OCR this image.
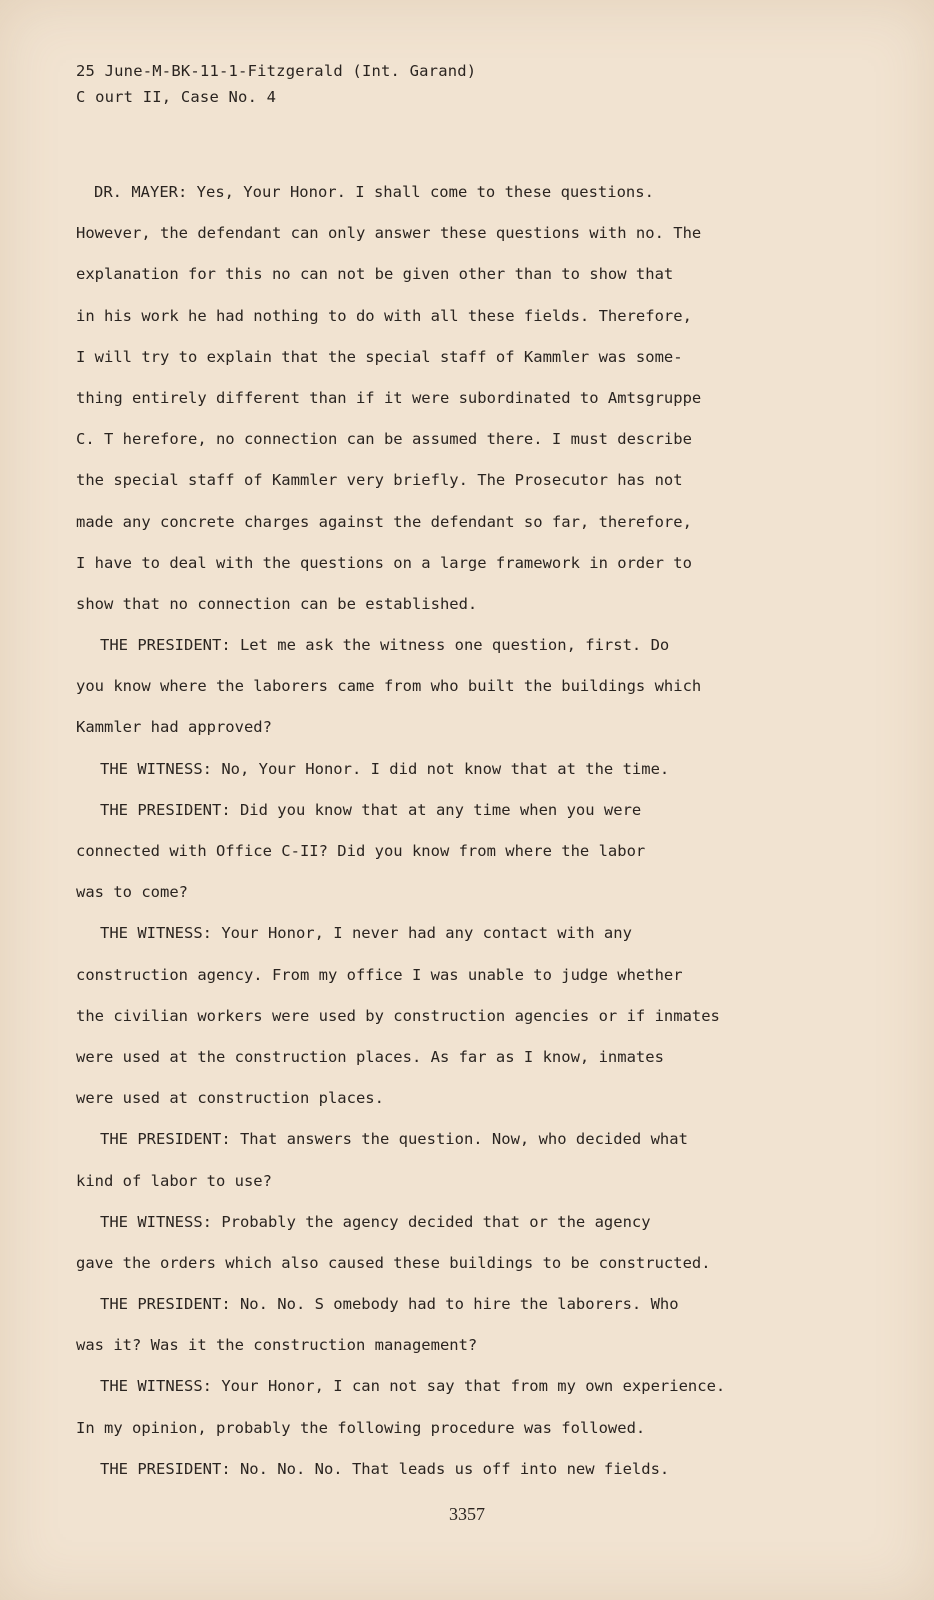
25 June-M-BK-11-1-Fitzgerald (Int. Garand)
C ourt II, Case No. 4
DR. MAYER: Yes, Your Honor. I shall come to these questions.
However, the defendant can only answer these questions with no. The
explanation for this no can not be given other than to show that
in his work he had nothing to do with all these fields. Therefore,
I will try to explain that the special staff of Kammler was some-
thing entirely different than if it were subordinated to Amtsgruppe
C. T herefore, no connection can be assumed there. I must describe
the special staff of Kammler very briefly. The Prosecutor has not
made any concrete charges against the defendant so far, therefore,
I have to deal with the questions on a large framework in order to
show that no connection can be established.
THE PRESIDENT: Let me ask the witness one question, first. Do
you know where the laborers came from who built the buildings which
Kammler had approved?
THE WITNESS: No, Your Honor. I did not know that at the time.
THE PRESIDENT: Did you know that at any time when you were
connected with Office C-II? Did you know from where the labor
was to come?
THE WITNESS: Your Honor, I never had any contact with any
construction agency. From my office I was unable to judge whether
the civilian workers were used by construction agencies or if inmates
were used at the construction places. As far as I know, inmates
were used at construction places.
THE PRESIDENT: That answers the question. Now, who decided what
kind of labor to use?
THE WITNESS: Probably the agency decided that or the agency
gave the orders which also caused these buildings to be constructed.
THE PRESIDENT: No. No. S omebody had to hire the laborers. Who
was it? Was it the construction management?
THE WITNESS: Your Honor, I can not say that from my own experience.
In my opinion, probably the following procedure was followed.
THE PRESIDENT: No. No. No. That leads us off into new fields.
3357
